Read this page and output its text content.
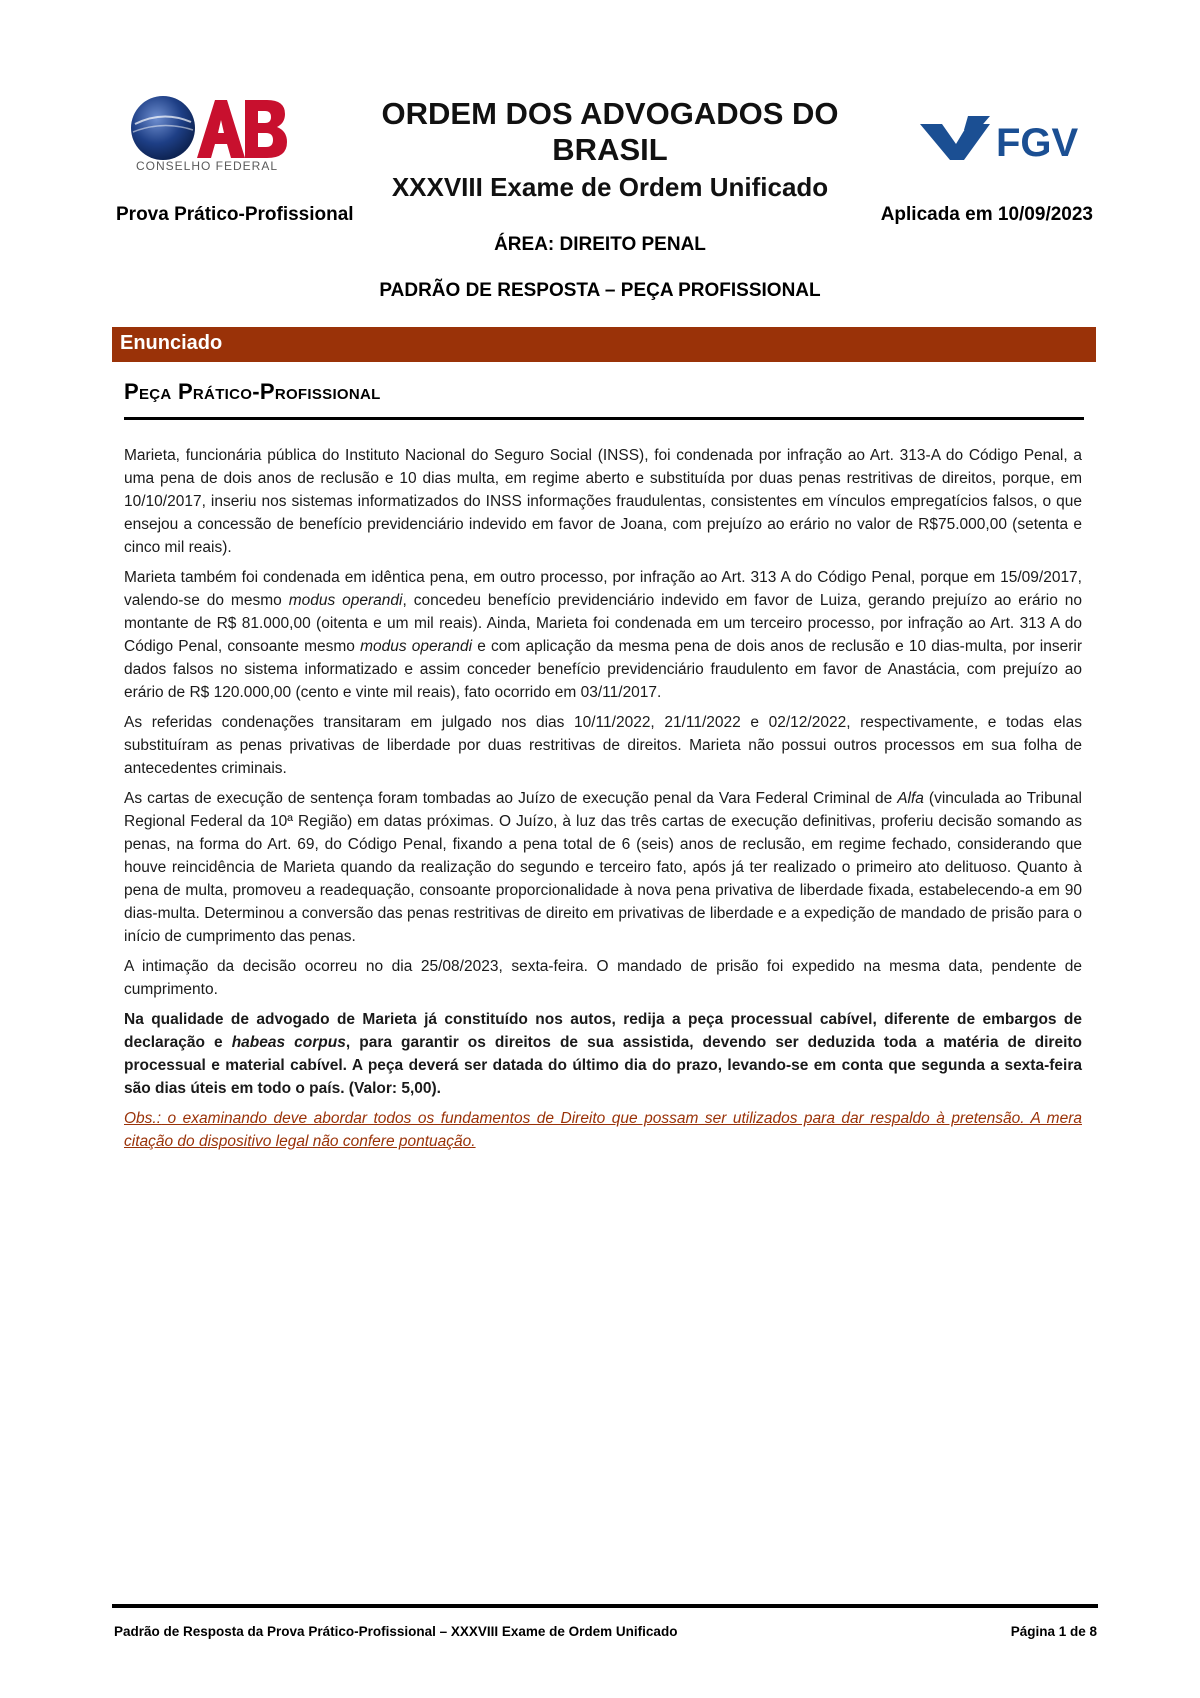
CONSELHO FEDERAL
ORDEM DOS ADVOGADOS DO BRASIL
XXXVIII Exame de Ordem Unificado
FGV
Prova Prático-Profissional	Aplicada em 10/09/2023
ÁREA: DIREITO PENAL
PADRÃO DE RESPOSTA – PEÇA PROFISSIONAL
Enunciado
Peça Prático-Profissional

Marieta, funcionária pública do Instituto Nacional do Seguro Social (INSS), foi condenada por infração ao Art. 313-A do Código Penal, a uma pena de dois anos de reclusão e 10 dias multa, em regime aberto e substituída por duas penas restritivas de direitos, porque, em 10/10/2017, inseriu nos sistemas informatizados do INSS informações fraudulentas, consistentes em vínculos empregatícios falsos, o que ensejou a concessão de benefício previdenciário indevido em favor de Joana, com prejuízo ao erário no valor de R$75.000,00 (setenta e cinco mil reais).

Marieta também foi condenada em idêntica pena, em outro processo, por infração ao Art. 313 A do Código Penal, porque em 15/09/2017, valendo-se do mesmo modus operandi, concedeu benefício previdenciário indevido em favor de Luiza, gerando prejuízo ao erário no montante de R$ 81.000,00 (oitenta e um mil reais). Ainda, Marieta foi condenada em um terceiro processo, por infração ao Art. 313 A do Código Penal, consoante mesmo modus operandi e com aplicação da mesma pena de dois anos de reclusão e 10 dias-multa, por inserir dados falsos no sistema informatizado e assim conceder benefício previdenciário fraudulento em favor de Anastácia, com prejuízo ao erário de R$ 120.000,00 (cento e vinte mil reais), fato ocorrido em 03/11/2017.

As referidas condenações transitaram em julgado nos dias 10/11/2022, 21/11/2022 e 02/12/2022, respectivamente, e todas elas substituíram as penas privativas de liberdade por duas restritivas de direitos. Marieta não possui outros processos em sua folha de antecedentes criminais.

As cartas de execução de sentença foram tombadas ao Juízo de execução penal da Vara Federal Criminal de Alfa (vinculada ao Tribunal Regional Federal da 10ª Região) em datas próximas. O Juízo, à luz das três cartas de execução definitivas, proferiu decisão somando as penas, na forma do Art. 69, do Código Penal, fixando a pena total de 6 (seis) anos de reclusão, em regime fechado, considerando que houve reincidência de Marieta quando da realização do segundo e terceiro fato, após já ter realizado o primeiro ato delituoso. Quanto à pena de multa, promoveu a readequação, consoante proporcionalidade à nova pena privativa de liberdade fixada, estabelecendo-a em 90 dias-multa. Determinou a conversão das penas restritivas de direito em privativas de liberdade e a expedição de mandado de prisão para o início de cumprimento das penas.

A intimação da decisão ocorreu no dia 25/08/2023, sexta-feira. O mandado de prisão foi expedido na mesma data, pendente de cumprimento.

Na qualidade de advogado de Marieta já constituído nos autos, redija a peça processual cabível, diferente de embargos de declaração e habeas corpus, para garantir os direitos de sua assistida, devendo ser deduzida toda a matéria de direito processual e material cabível. A peça deverá ser datada do último dia do prazo, levando-se em conta que segunda a sexta-feira são dias úteis em todo o país. (Valor: 5,00).

Obs.: o examinando deve abordar todos os fundamentos de Direito que possam ser utilizados para dar respaldo à pretensão. A mera citação do dispositivo legal não confere pontuação.

Padrão de Resposta da Prova Prático-Profissional – XXXVIII Exame de Ordem Unificado	Página 1 de 8
